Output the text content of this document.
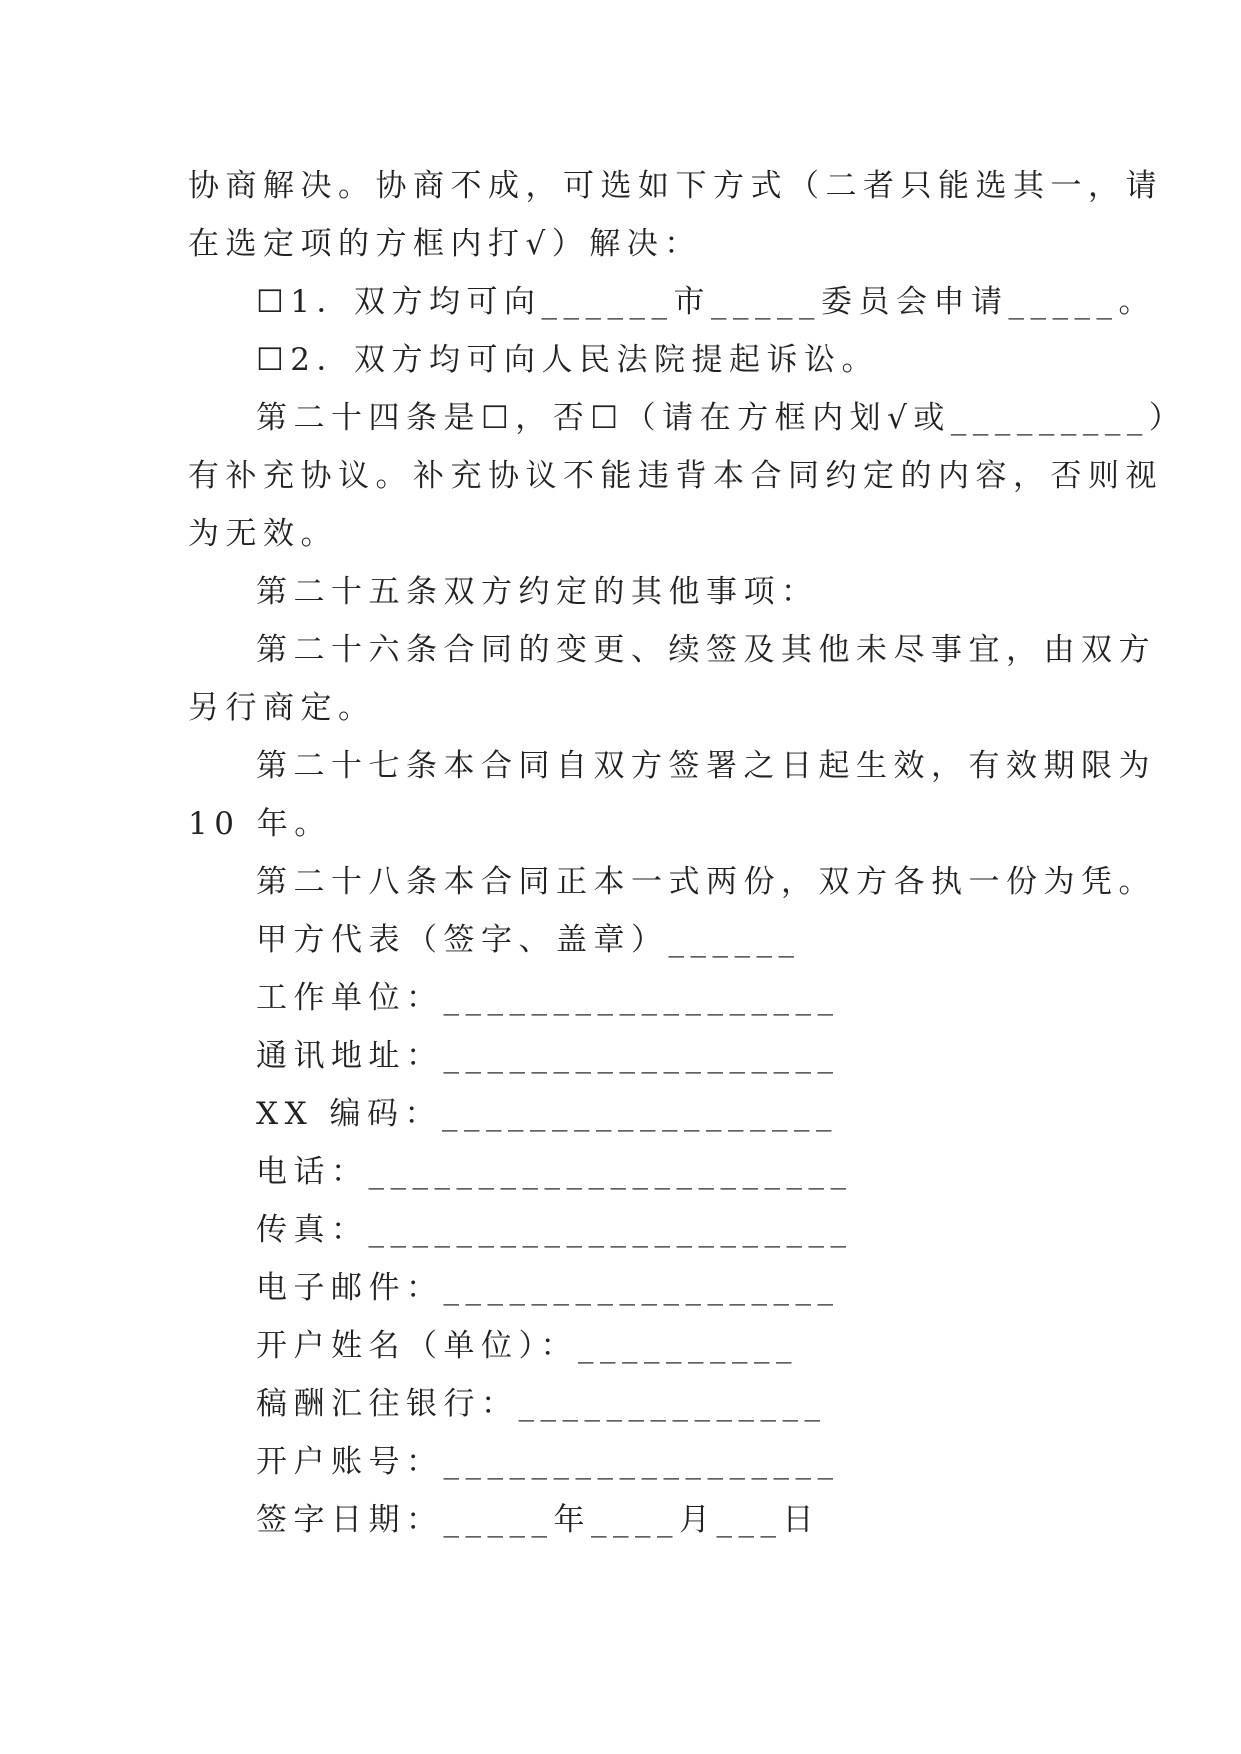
协商解决。协商不成，可选如下方式（二者只能选其一，请
在选定项的方框内打√）解决：
☐1．双方均可向______市_____委员会申请_____。
☐2．双方均可向人民法院提起诉讼。
第二十四条是☐，否☐（请在方框内划√或_________）
有补充协议。补充协议不能违背本合同约定的内容，否则视
为无效。
第二十五条双方约定的其他事项：
第二十六条合同的变更、续签及其他未尽事宜，由双方
另行商定。
第二十七条本合同自双方签署之日起生效，有效期限为
10 年。
第二十八条本合同正本一式两份，双方各执一份为凭。
甲方代表（签字、盖章）______
工作单位：__________________
通讯地址：__________________
XX 编码：__________________
电话：______________________
传真：______________________
电子邮件：__________________
开户姓名（单位）：__________
稿酬汇往银行：______________
开户账号：__________________
签字日期：_____年____月___日
